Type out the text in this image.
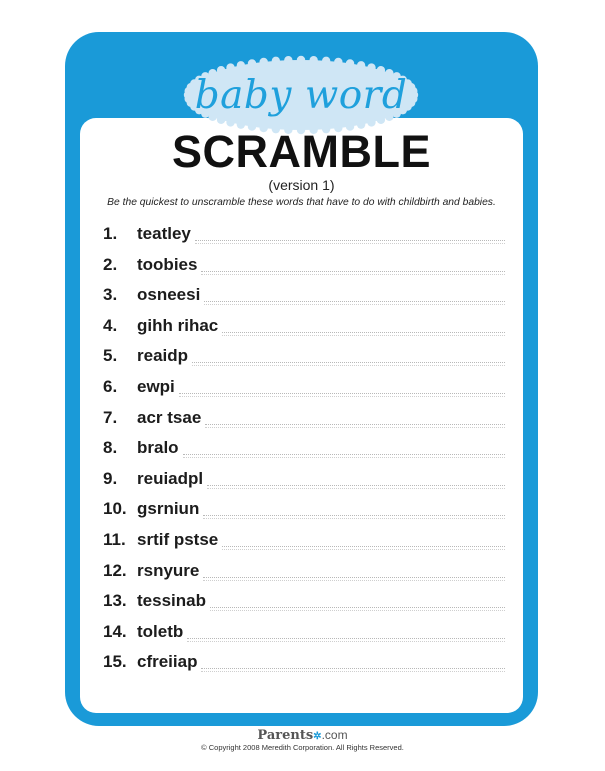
baby word
SCRAMBLE
(version 1)
Be the quickest to unscramble these words that have to do with childbirth and babies.
1. teatley
2. toobies
3. osneesi
4. gihh rihac
5. reaidp
6. ewpi
7. acr tsae
8. bralo
9. reuiadpl
10. gsrniun
11. srtif pstse
12. rsnyure
13. tessinab
14. toletb
15. cfreiiap
Parents✲.com
© Copyright 2008 Meredith Corporation. All Rights Reserved.
